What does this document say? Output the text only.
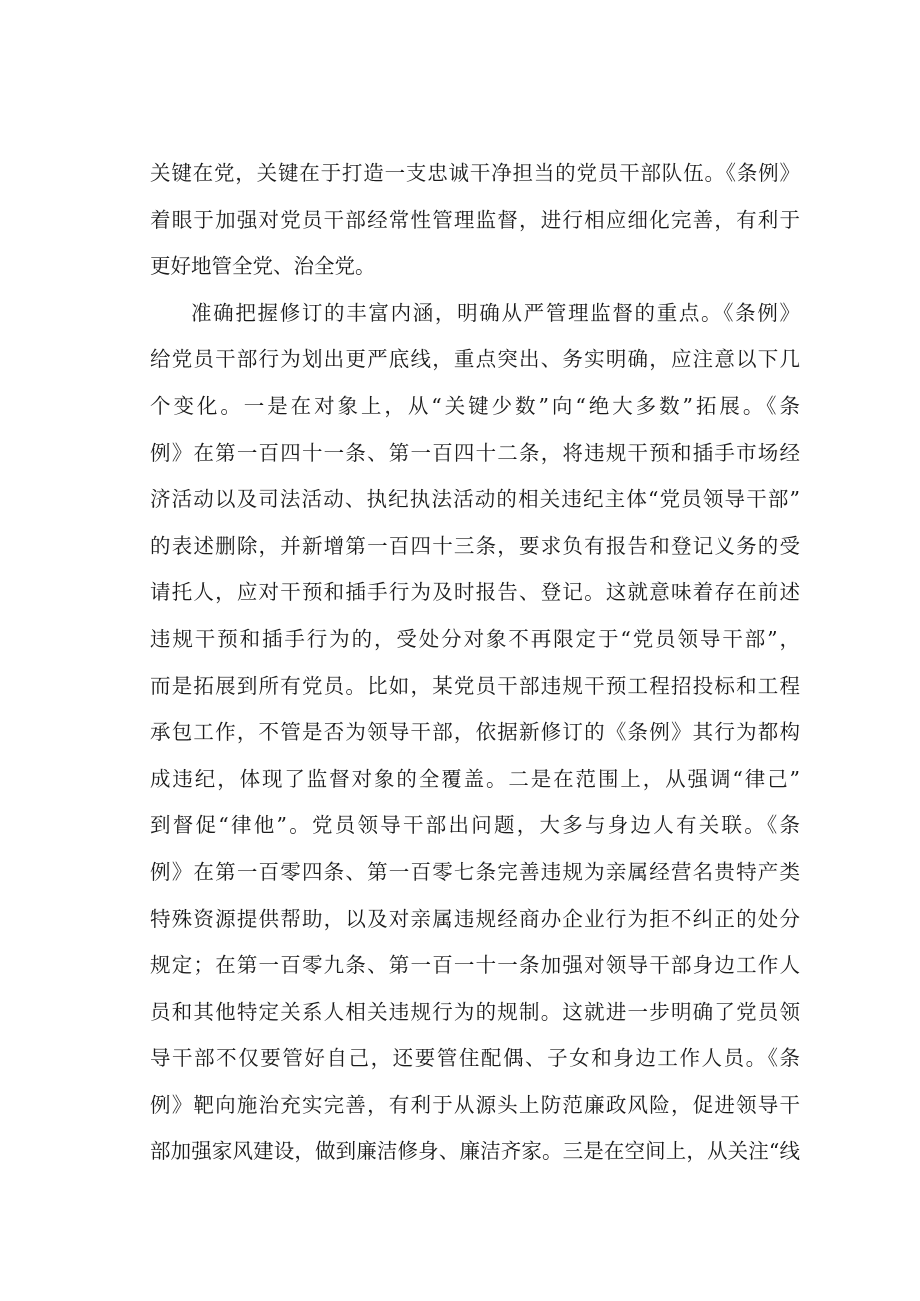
关键在党，关键在于打造一支忠诚干净担当的党员干部队伍。《条例》
着眼于加强对党员干部经常性管理监督，进行相应细化完善，有利于
更好地管全党、治全党。
准确把握修订的丰富内涵，明确从严管理监督的重点。《条例》
给党员干部行为划出更严底线，重点突出、务实明确，应注意以下几
个变化。一是在对象上，从“关键少数”向“绝大多数”拓展。《条
例》在第一百四十一条、第一百四十二条，将违规干预和插手市场经
济活动以及司法活动、执纪执法活动的相关违纪主体“党员领导干部”
的表述删除，并新增第一百四十三条，要求负有报告和登记义务的受
请托人，应对干预和插手行为及时报告、登记。这就意味着存在前述
违规干预和插手行为的，受处分对象不再限定于“党员领导干部”，
而是拓展到所有党员。比如，某党员干部违规干预工程招投标和工程
承包工作，不管是否为领导干部，依据新修订的《条例》其行为都构
成违纪，体现了监督对象的全覆盖。二是在范围上，从强调“律己”
到督促“律他”。党员领导干部出问题，大多与身边人有关联。《条
例》在第一百零四条、第一百零七条完善违规为亲属经营名贵特产类
特殊资源提供帮助，以及对亲属违规经商办企业行为拒不纠正的处分
规定；在第一百零九条、第一百一十一条加强对领导干部身边工作人
员和其他特定关系人相关违规行为的规制。这就进一步明确了党员领
导干部不仅要管好自己，还要管住配偶、子女和身边工作人员。《条
例》靶向施治充实完善，有利于从源头上防范廉政风险，促进领导干
部加强家风建设，做到廉洁修身、廉洁齐家。三是在空间上，从关注“线
